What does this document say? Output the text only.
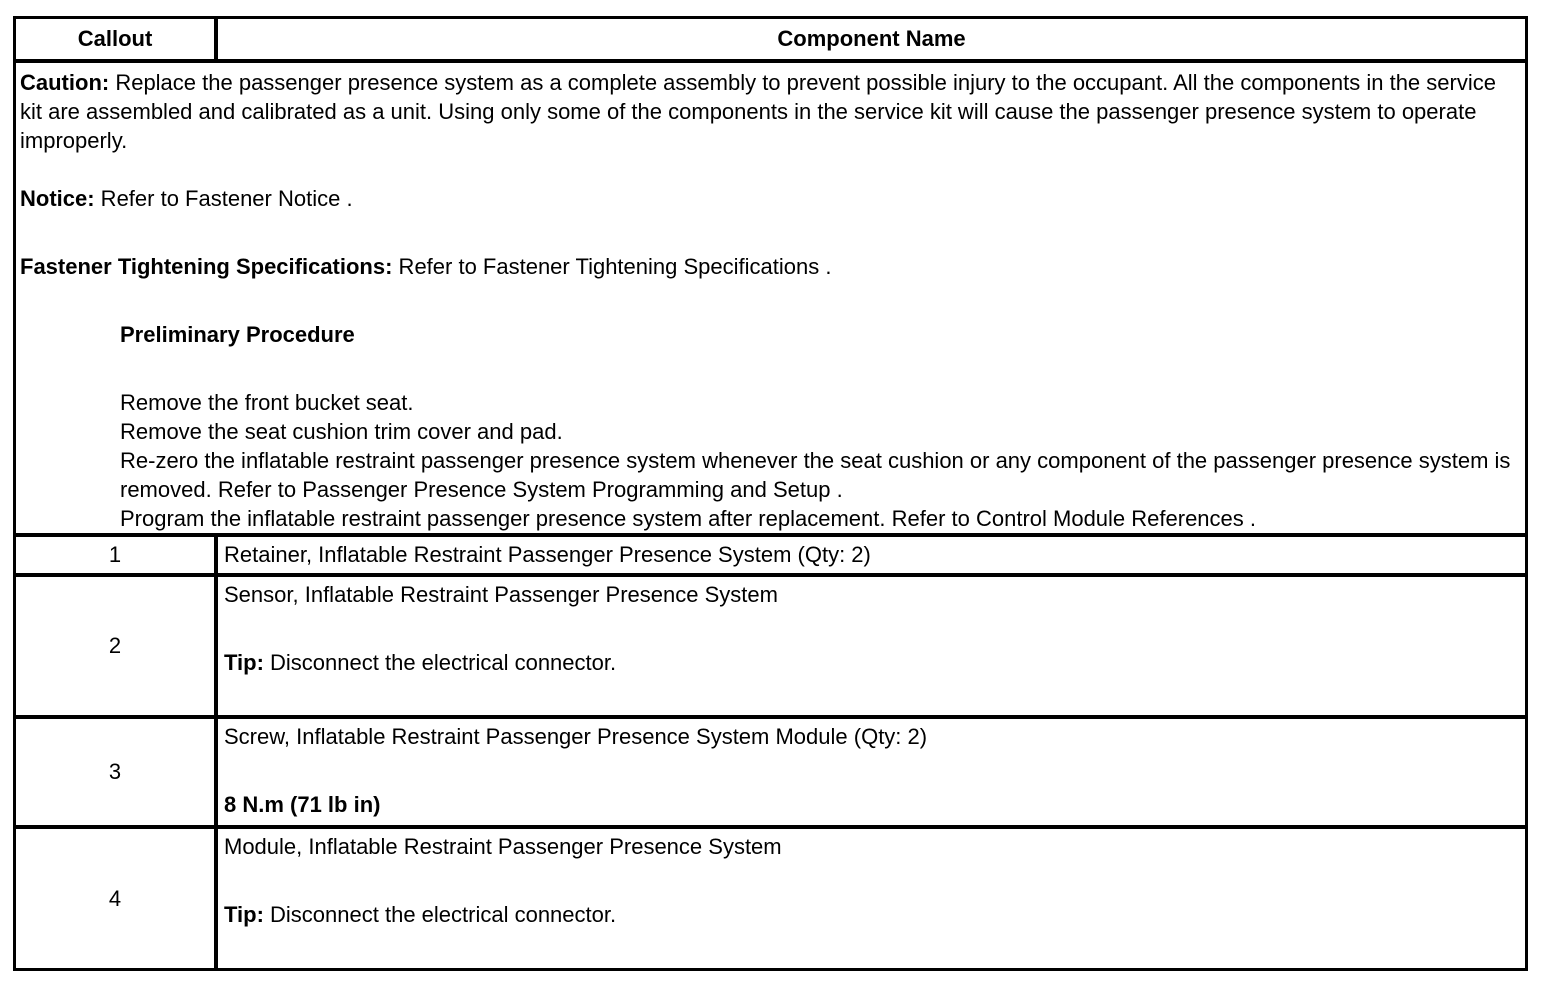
Callout	Component Name

Caution: Replace the passenger presence system as a complete assembly to prevent possible injury to the occupant. All the components in the service kit are assembled and calibrated as a unit. Using only some of the components in the service kit will cause the passenger presence system to operate improperly.

Notice: Refer to Fastener Notice .

Fastener Tightening Specifications: Refer to Fastener Tightening Specifications .

Preliminary Procedure

Remove the front bucket seat.

Remove the seat cushion trim cover and pad.

Re-zero the inflatable restraint passenger presence system whenever the seat cushion or any component of the passenger presence system is removed. Refer to Passenger Presence System Programming and Setup .

Program the inflatable restraint passenger presence system after replacement. Refer to Control Module References .

1	Retainer, Inflatable Restraint Passenger Presence System (Qty: 2)
2
Sensor, Inflatable Restraint Passenger Presence System
Tip: Disconnect the electrical connector.
3
Screw, Inflatable Restraint Passenger Presence System Module (Qty: 2)
8 N.m (71 lb in)
4
Module, Inflatable Restraint Passenger Presence System
Tip: Disconnect the electrical connector.
